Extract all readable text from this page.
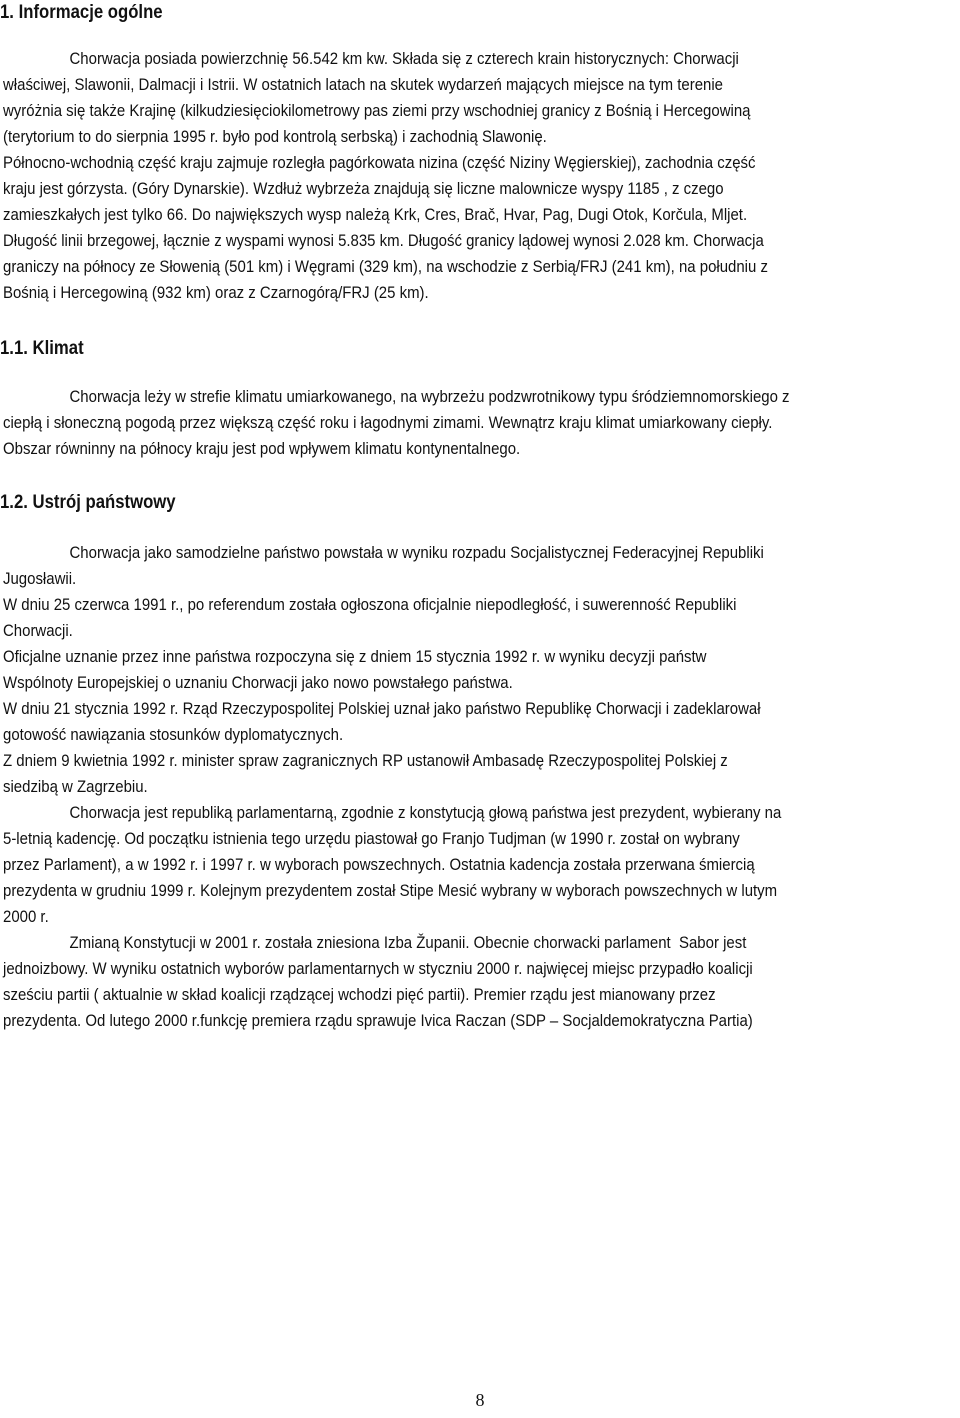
1. Informacje ogólne
Chorwacja posiada powierzchnię 56.542 km kw. Składa się z czterech krain historycznych: Chorwacji
właściwej, Slawonii, Dalmacji i Istrii. W ostatnich latach na skutek wydarzeń mających miejsce na tym terenie
wyróżnia się także Krajinę (kilkudziesięciokilometrowy pas ziemi przy wschodniej granicy z Bośnią i Hercegowiną
(terytorium to do sierpnia 1995 r. było pod kontrolą serbską) i zachodnią Slawonię.
Północno-wchodnią część kraju zajmuje rozległa pagórkowata nizina (część Niziny Węgierskiej), zachodnia część
kraju jest górzysta. (Góry Dynarskie). Wzdłuż wybrzeża znajdują się liczne malownicze wyspy 1185 , z czego
zamieszkałych jest tylko 66. Do największych wysp należą Krk, Cres, Brač, Hvar, Pag, Dugi Otok, Korčula, Mljet.
Długość linii brzegowej, łącznie z wyspami wynosi 5.835 km. Długość granicy lądowej wynosi 2.028 km. Chorwacja
graniczy na północy ze Słowenią (501 km) i Węgrami (329 km), na wschodzie z Serbią/FRJ (241 km), na południu z
Bośnią i Hercegowiną (932 km) oraz z Czarnogórą/FRJ (25 km).
1.1. Klimat
Chorwacja leży w strefie klimatu umiarkowanego, na wybrzeżu podzwrotnikowy typu śródziemnomorskiego z
ciepłą i słoneczną pogodą przez większą część roku i łagodnymi zimami. Wewnątrz kraju klimat umiarkowany ciepły.
Obszar równinny na północy kraju jest pod wpływem klimatu kontynentalnego.
1.2. Ustrój państwowy
Chorwacja jako samodzielne państwo powstała w wyniku rozpadu Socjalistycznej Federacyjnej Republiki
Jugosławii.
W dniu 25 czerwca 1991 r., po referendum została ogłoszona oficjalnie niepodległość, i suwerenność Republiki
Chorwacji.
Oficjalne uznanie przez inne państwa rozpoczyna się z dniem 15 stycznia 1992 r. w wyniku decyzji państw
Wspólnoty Europejskiej o uznaniu Chorwacji jako nowo powstałego państwa.
W dniu 21 stycznia 1992 r. Rząd Rzeczypospolitej Polskiej uznał jako państwo Republikę Chorwacji i zadeklarował
gotowość nawiązania stosunków dyplomatycznych.
Z dniem 9 kwietnia 1992 r. minister spraw zagranicznych RP ustanowił Ambasadę Rzeczypospolitej Polskiej z
siedzibą w Zagrzebiu.
Chorwacja jest republiką parlamentarną, zgodnie z konstytucją głową państwa jest prezydent, wybierany na
5-letnią kadencję. Od początku istnienia tego urzędu piastował go Franjo Tudjman (w 1990 r. został on wybrany
przez Parlament), a w 1992 r. i 1997 r. w wyborach powszechnych. Ostatnia kadencja została przerwana śmiercią
prezydenta w grudniu 1999 r. Kolejnym prezydentem został Stipe Mesić wybrany w wyborach powszechnych w lutym
2000 r.
Zmianą Konstytucji w 2001 r. została zniesiona Izba Županii. Obecnie chorwacki parlament  Sabor jest
jednoizbowy. W wyniku ostatnich wyborów parlamentarnych w styczniu 2000 r. najwięcej miejsc przypadło koalicji
sześciu partii ( aktualnie w skład koalicji rządzącej wchodzi pięć partii). Premier rządu jest mianowany przez
prezydenta. Od lutego 2000 r.funkcję premiera rządu sprawuje Ivica Raczan (SDP – Socjaldemokratyczna Partia)
8
